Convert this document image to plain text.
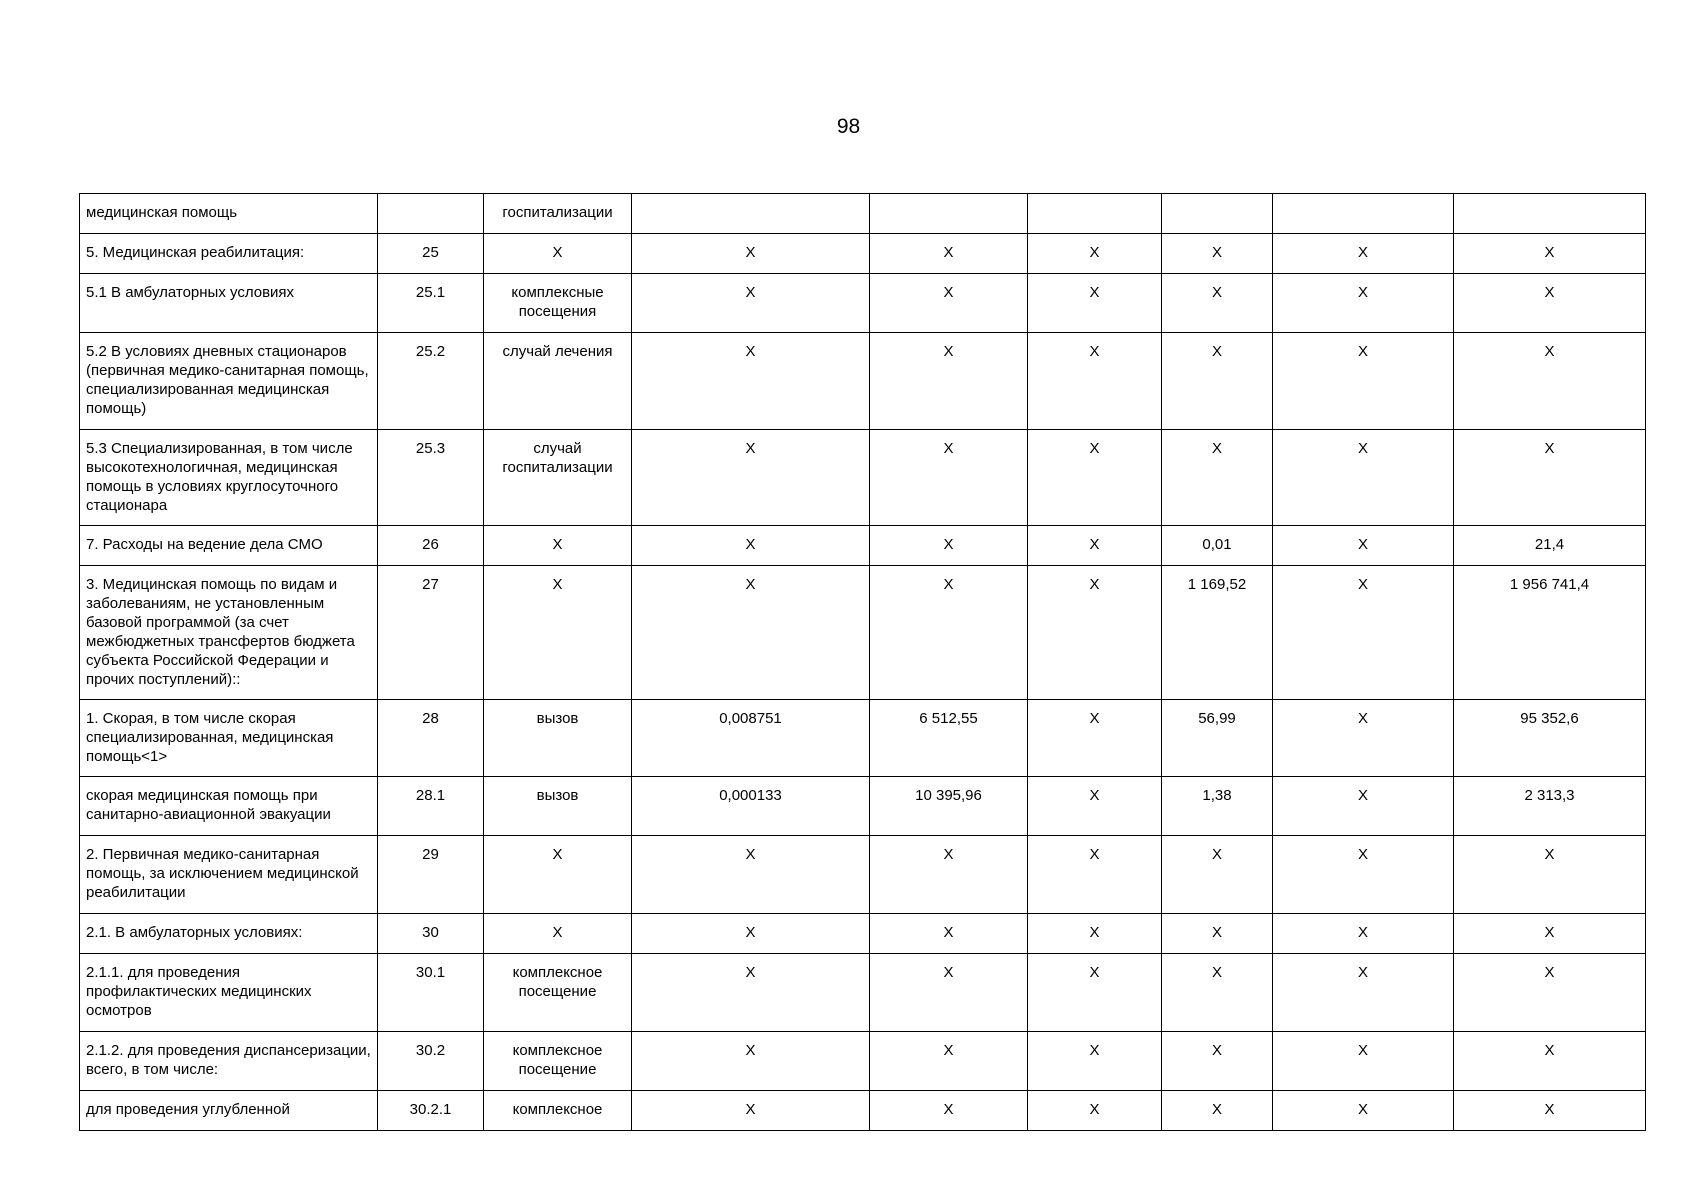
98
медицинская помощь		госпитализации						
5. Медицинская реабилитация:	25	X	X	X	X	X	X	X
5.1 В амбулаторных условиях	25.1	комплексные посещения	X	X	X	X	X	X
5.2 В условиях дневных стационаров (первичная медико-санитарная помощь, специализированная медицинская помощь)	25.2	случай лечения	X	X	X	X	X	X
5.3 Специализированная, в том числе высокотехнологичная, медицинская помощь в условиях круглосуточного стационара	25.3	случай госпитализации	X	X	X	X	X	X
7. Расходы на ведение дела СМО	26	X	X	X	X	0,01	X	21,4
3. Медицинская помощь по видам и заболеваниям, не установленным базовой программой (за счет межбюджетных трансфертов бюджета субъекта Российской Федерации и прочих поступлений)::	27	X	X	X	X	1 169,52	X	1 956 741,4
1. Скорая, в том числе скорая специализированная, медицинская помощь<1>	28	вызов	0,008751	6 512,55	X	56,99	X	95 352,6
скорая медицинская помощь при санитарно-авиационной эвакуации	28.1	вызов	0,000133	10 395,96	X	1,38	X	2 313,3
2. Первичная медико-санитарная помощь, за исключением медицинской реабилитации	29	X	X	X	X	X	X	X
2.1. В амбулаторных условиях:	30	X	X	X	X	X	X	X
2.1.1. для проведения профилактических медицинских осмотров	30.1	комплексное посещение	X	X	X	X	X	X
2.1.2. для проведения диспансеризации, всего, в том числе:	30.2	комплексное посещение	X	X	X	X	X	X
для проведения углубленной	30.2.1	комплексное	X	X	X	X	X	X
